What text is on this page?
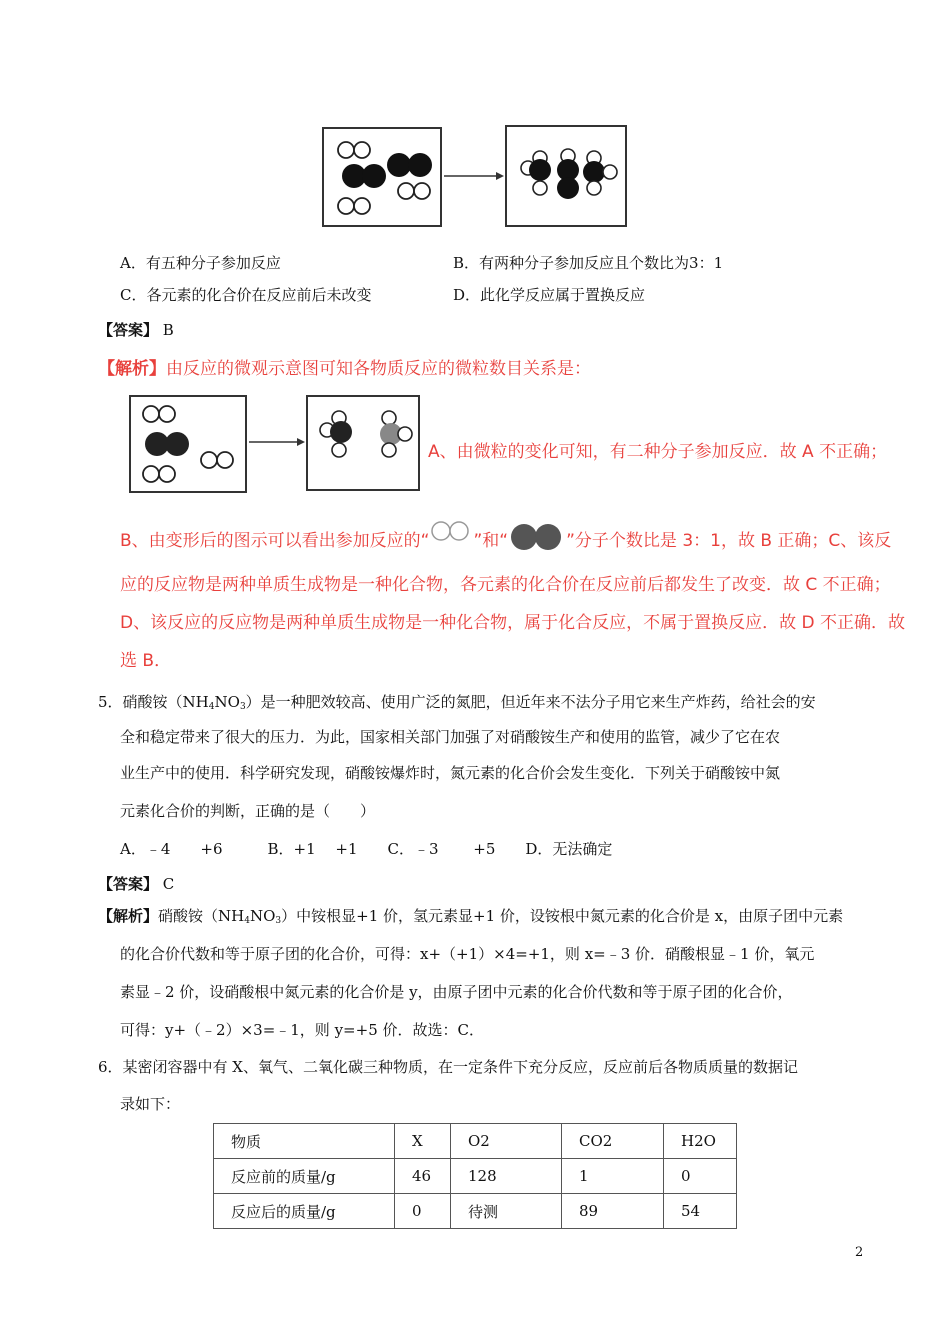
A．有五种分子参加反应	B．有两种分子参加反应且个数比为3：1
C．各元素的化合价在反应前后未改变	D．此化学反应属于置换反应
【答案】 B
【解析】由反应的微观示意图可知各物质反应的微粒数目关系是：
A、由微粒的变化可知，有二种分子参加反应．故 A 不正确；
B、由变形后的图示可以看出参加反应的“	”和“	”分子个数比是 3：1，故 B 正确；C、该反
应的反应物是两种单质生成物是一种化合物，各元素的化合价在反应前后都发生了改变．故 C 不正确；
D、该反应的反应物是两种单质生成物是一种化合物，属于化合反应，不属于置换反应．故 D 不正确．故
选 B．
5．硝酸铵$(NH_4NO_3)$是一种肥效较高、使用广泛的氮肥，但近年来不法分子用它来生产炸药，给社会的安
全和稳定带来了很大的压力．为此，国家相关部门加强了对硝酸铵生产和使用的监管，减少了它在农
业生产中的使用．科学研究发现，硝酸铵爆炸时，氮元素的化合价会发生变化．下列关于硝酸铵中氮
元素化合价的判断，正确的是（　　）
A．﹣4　　+6　　　B．+1　 +1　　C．﹣3　　 +5　　D．无法确定
【答案】 C
【解析】硝酸铵$(NH_4NO_3)$中铵根显+1 价，氢元素显+1 价，设铵根中氮元素的化合价是 x，由原子团中元素
的化合价代数和等于原子团的化合价，可得：x+（+1）×4=+1，则 x=﹣3 价．硝酸根显﹣1 价，氧元
素显﹣2 价，设硝酸根中氮元素的化合价是 y，由原子团中元素的化合价代数和等于原子团的化合价，
可得：y+（﹣2）×3=﹣1，则 y=+5 价．故选：C．
6．某密闭容器中有 X、氧气、二氧化碳三种物质，在一定条件下充分反应，反应前后各物质质量的数据记
录如下：
物质	X	O2	CO2	H2O
反应前的质量/g	46	128	1	0
反应后的质量/g	0	待测	89	54
2
